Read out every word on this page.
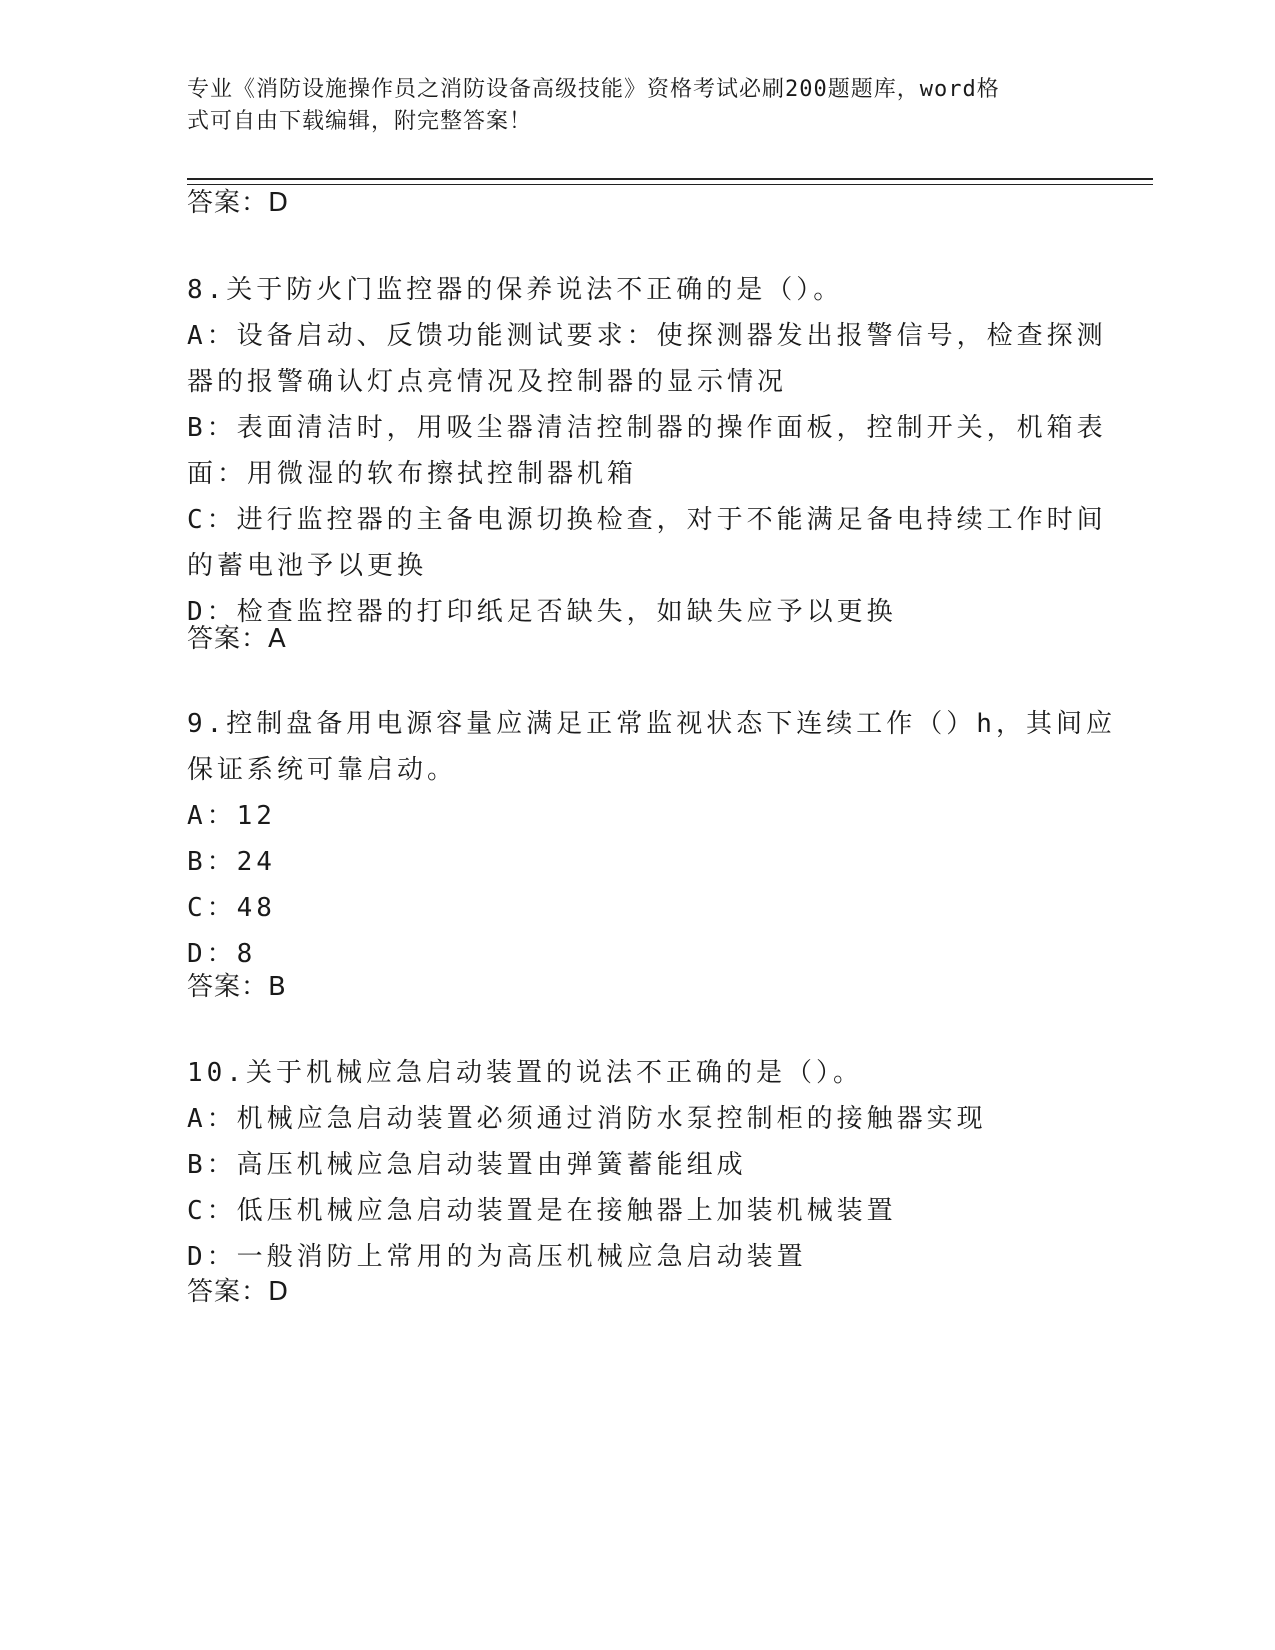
专业《消防设施操作员之消防设备高级技能》资格考试必刷200题题库，word格
式可自由下载编辑，附完整答案！
答案：D
8.关于防火门监控器的保养说法不正确的是（）。
A：设备启动、反馈功能测试要求：使探测器发出报警信号，检查探测
器的报警确认灯点亮情况及控制器的显示情况
B：表面清洁时，用吸尘器清洁控制器的操作面板，控制开关，机箱表
面：用微湿的软布擦拭控制器机箱
C：进行监控器的主备电源切换检查，对于不能满足备电持续工作时间
的蓄电池予以更换
D：检查监控器的打印纸足否缺失，如缺失应予以更换
答案：A
9.控制盘备用电源容量应满足正常监视状态下连续工作（）h，其间应
保证系统可靠启动。
A：12
B：24
C：48
D：8
答案：B
10.关于机械应急启动装置的说法不正确的是（）。
A：机械应急启动装置必须通过消防水泵控制柜的接触器实现
B：高压机械应急启动装置由弹簧蓄能组成
C：低压机械应急启动装置是在接触器上加装机械装置
D：一般消防上常用的为高压机械应急启动装置
答案：D
